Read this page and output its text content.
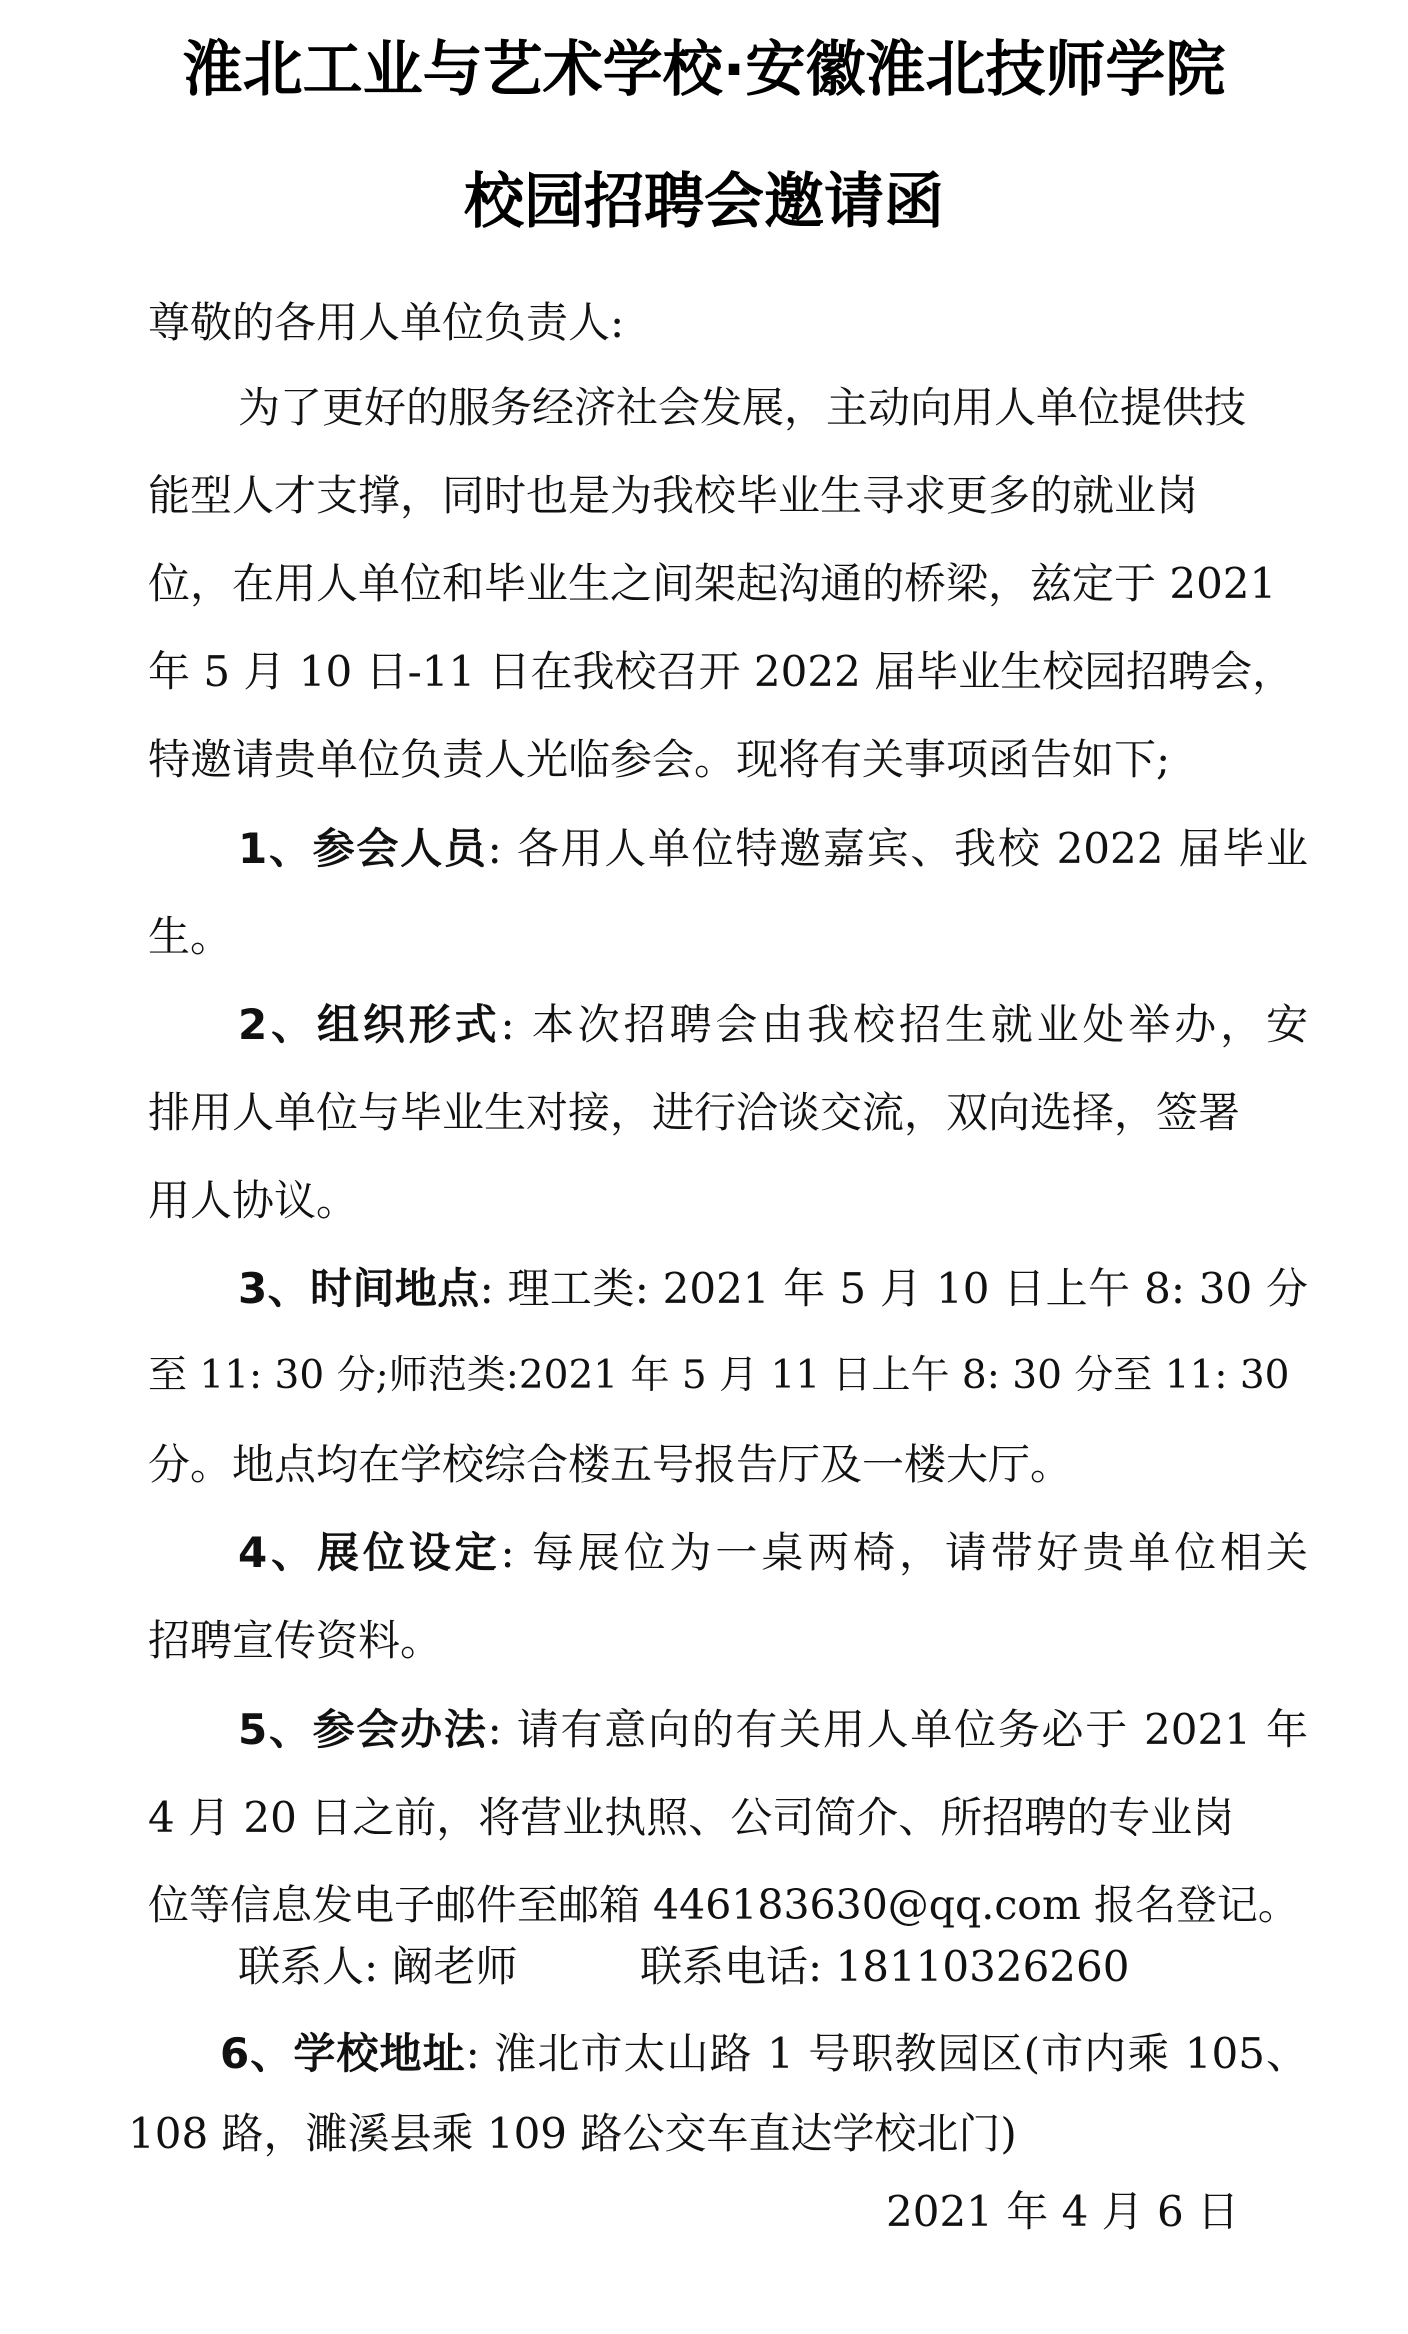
淮北工业与艺术学校·安徽淮北技师学院
校园招聘会邀请函
尊敬的各用人单位负责人:
为了更好的服务经济社会发展，主动向用人单位提供技
能型人才支撑，同时也是为我校毕业生寻求更多的就业岗
位，在用人单位和毕业生之间架起沟通的桥梁，兹定于 2021
年 5 月 10 日-11 日在我校召开 2022 届毕业生校园招聘会，
特邀请贵单位负责人光临参会。现将有关事项函告如下;
1、参会人员: 各用人单位特邀嘉宾、我校 2022 届毕业
生。
2、组织形式: 本次招聘会由我校招生就业处举办，安
排用人单位与毕业生对接，进行洽谈交流，双向选择，签署
用人协议。
3、时间地点: 理工类: 2021 年 5 月 10 日上午 8: 30 分
至 11: 30 分;师范类:2021 年 5 月 11 日上午 8: 30 分至 11: 30
分。地点均在学校综合楼五号报告厅及一楼大厅。
4、展位设定: 每展位为一桌两椅，请带好贵单位相关
招聘宣传资料。
5、参会办法: 请有意向的有关用人单位务必于 2021 年
4 月 20 日之前，将营业执照、公司简介、所招聘的专业岗
位等信息发电子邮件至邮箱 446183630@qq.com 报名登记。
联系人: 阚老师	联系电话: 18110326260
6、学校地址: 淮北市太山路 1 号职教园区(市内乘 105、
108 路，濉溪县乘 109 路公交车直达学校北门)
2021 年 4 月 6 日
